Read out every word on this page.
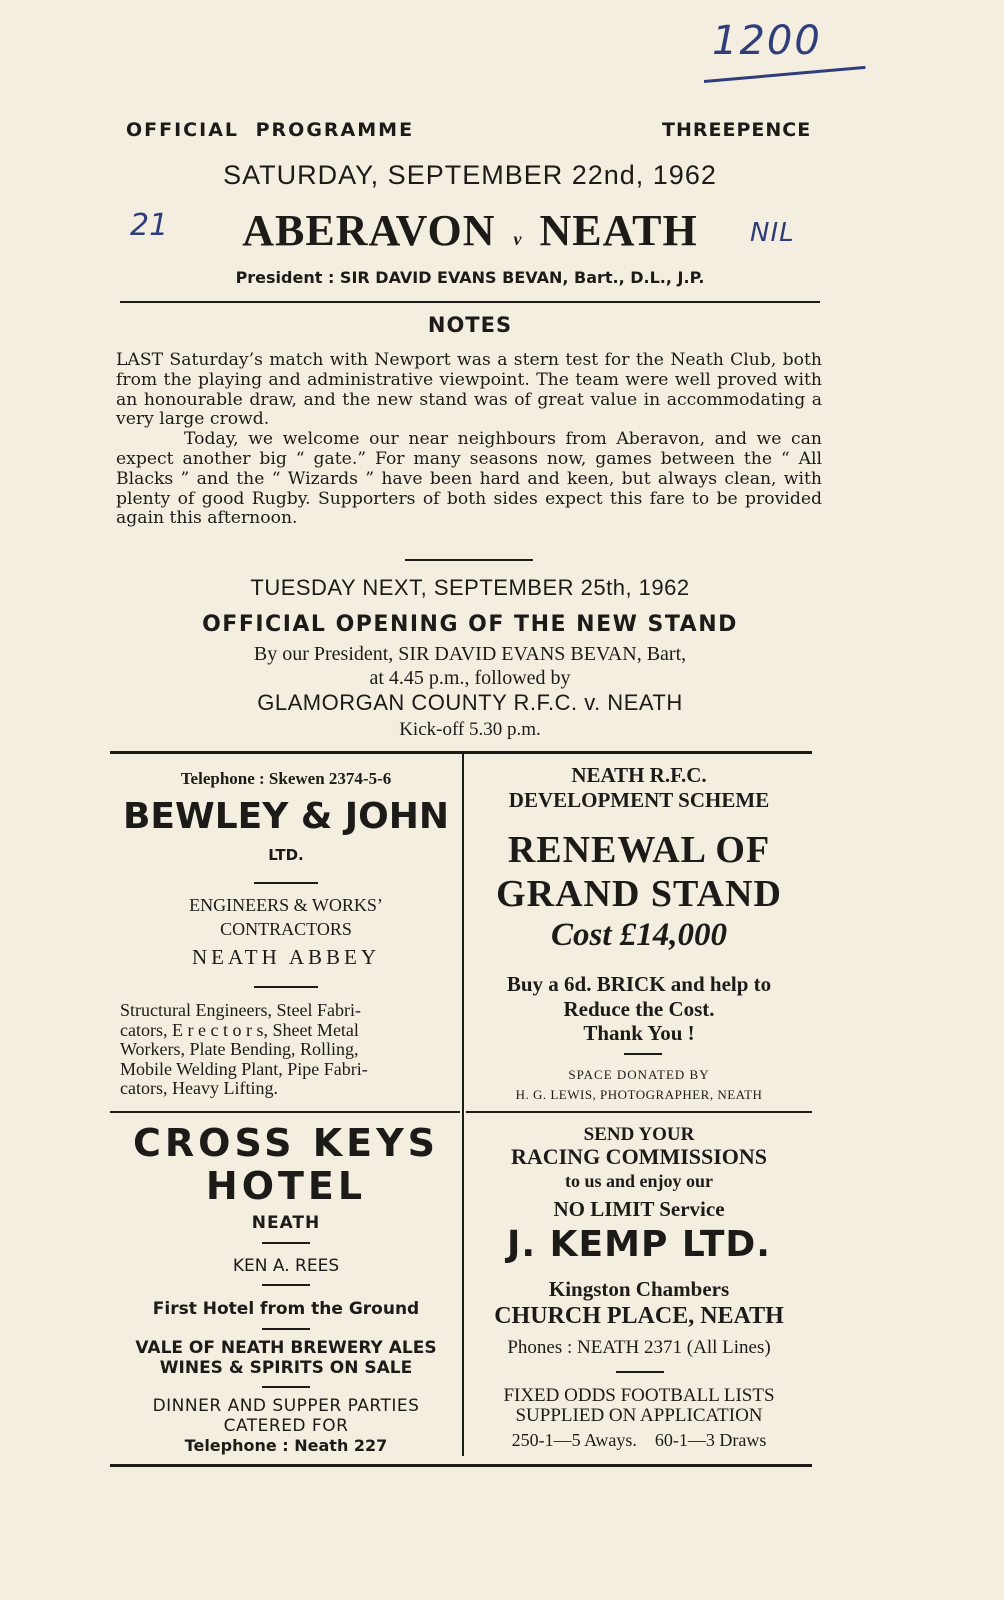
1200
21	NIL
OFFICIAL PROGRAMME	THREEPENCE
SATURDAY, SEPTEMBER 22nd, 1962
ABERAVON v NEATH
President : SIR DAVID EVANS BEVAN, Bart., D.L., J.P.
NOTES

LAST Saturday’s match with Newport was a stern test for the Neath Club, both from the playing and administrative viewpoint. The team were well proved with an honourable draw, and the new stand was of great value in accommodating a very large crowd.

Today, we welcome our near neighbours from Aberavon, and we can expect another big “ gate.” For many seasons now, games between the “ All Blacks ” and the “ Wizards ” have been hard and keen, but always clean, with plenty of good Rugby. Supporters of both sides expect this fare to be provided again this afternoon.

TUESDAY NEXT, SEPTEMBER 25th, 1962
OFFICIAL OPENING OF THE NEW STAND
By our President, SIR DAVID EVANS BEVAN, Bart,
at 4.45 p.m., followed by
GLAMORGAN COUNTY R.F.C. v. NEATH
Kick-off 5.30 p.m.
Telephone : Skewen 2374-5-6
BEWLEY & JOHN
LTD.
ENGINEERS & WORKS’
CONTRACTORS
NEATH ABBEY
Structural Engineers, Steel Fabri-
cators, E r e c t o r s, Sheet Metal
Workers, Plate Bending, Rolling,
Mobile Welding Plant, Pipe Fabri-
cators, Heavy Lifting.
NEATH R.F.C.
DEVELOPMENT SCHEME
RENEWAL OF
GRAND STAND
Cost £14,000
Buy a 6d. BRICK and help to
Reduce the Cost.
Thank You !
SPACE DONATED BY
H. G. LEWIS, PHOTOGRAPHER, NEATH
CROSS KEYS
HOTEL
NEATH
KEN A. REES
First Hotel from the Ground
VALE OF NEATH BREWERY ALES
WINES & SPIRITS ON SALE
DINNER AND SUPPER PARTIES
CATERED FOR
Telephone : Neath 227
SEND YOUR
RACING COMMISSIONS
to us and enjoy our
NO LIMIT Service
J. KEMP LTD.
Kingston Chambers
CHURCH PLACE, NEATH
Phones : NEATH 2371 (All Lines)
FIXED ODDS FOOTBALL LISTS
SUPPLIED ON APPLICATION
250-1—5 Aways.    60-1—3 Draws
